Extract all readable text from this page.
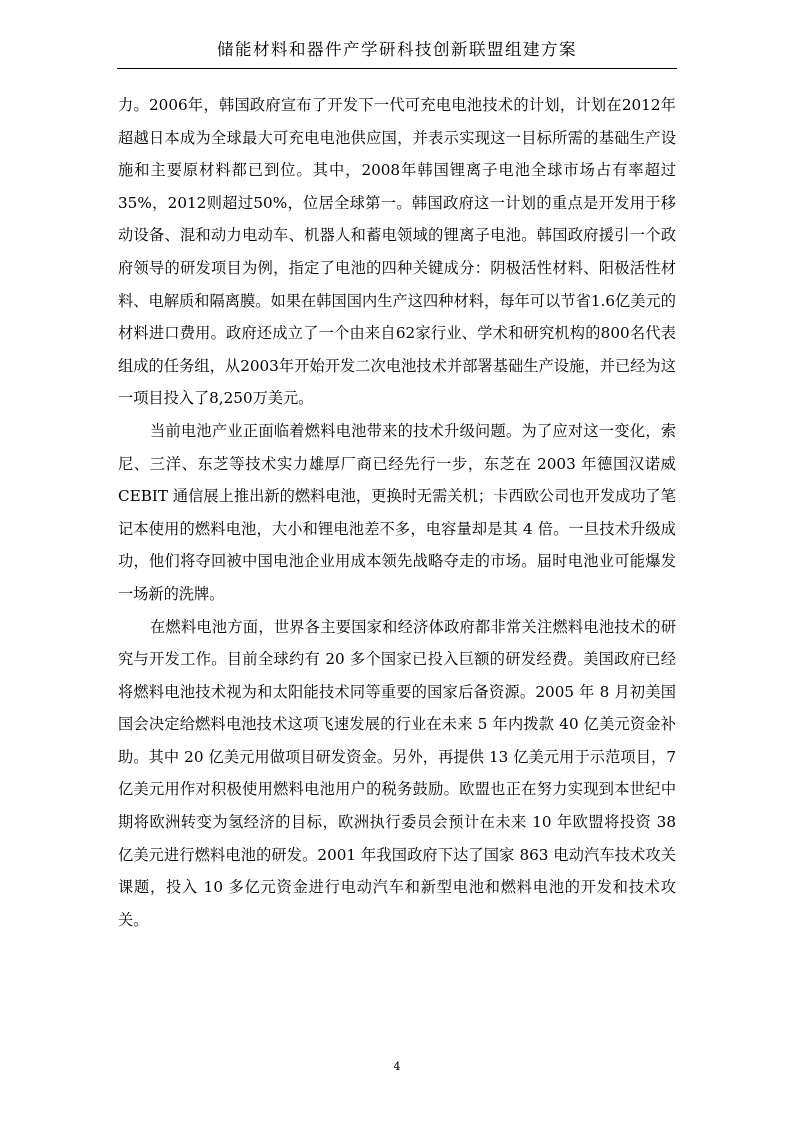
储能材料和器件产学研科技创新联盟组建方案

力。2006年，韩国政府宣布了开发下一代可充电电池技术的计划，计划在2012年超越日本成为全球最大可充电电池供应国，并表示实现这一目标所需的基础生产设施和主要原材料都已到位。其中，2008年韩国锂离子电池全球市场占有率超过35%，2012则超过50%，位居全球第一。韩国政府这一计划的重点是开发用于移动设备、混和动力电动车、机器人和蓄电领域的锂离子电池。韩国政府援引一个政府领导的研发项目为例，指定了电池的四种关键成分：阴极活性材料、阳极活性材料、电解质和隔离膜。如果在韩国国内生产这四种材料，每年可以节省1.6亿美元的材料进口费用。政府还成立了一个由来自62家行业、学术和研究机构的800名代表组成的任务组，从2003年开始开发二次电池技术并部署基础生产设施，并已经为这一项目投入了8,250万美元。

当前电池产业正面临着燃料电池带来的技术升级问题。为了应对这一变化，索尼、三洋、东芝等技术实力雄厚厂商已经先行一步，东芝在 2003 年德国汉诺威 CEBIT 通信展上推出新的燃料电池，更换时无需关机；卡西欧公司也开发成功了笔记本使用的燃料电池，大小和锂电池差不多，电容量却是其 4 倍。一旦技术升级成功，他们将夺回被中国电池企业用成本领先战略夺走的市场。届时电池业可能爆发一场新的洗牌。

在燃料电池方面，世界各主要国家和经济体政府都非常关注燃料电池技术的研究与开发工作。目前全球约有 20 多个国家已投入巨额的研发经费。美国政府已经将燃料电池技术视为和太阳能技术同等重要的国家后备资源。2005 年 8 月初美国国会决定给燃料电池技术这项飞速发展的行业在未来 5 年内拨款 40 亿美元资金补助。其中 20 亿美元用做项目研发资金。另外，再提供 13 亿美元用于示范项目，7 亿美元用作对积极使用燃料电池用户的税务鼓励。欧盟也正在努力实现到本世纪中期将欧洲转变为氢经济的目标，欧洲执行委员会预计在未来 10 年欧盟将投资 38 亿美元进行燃料电池的研发。2001 年我国政府下达了国家 863 电动汽车技术攻关课题，投入 10 多亿元资金进行电动汽车和新型电池和燃料电池的开发和技术攻关。

4
